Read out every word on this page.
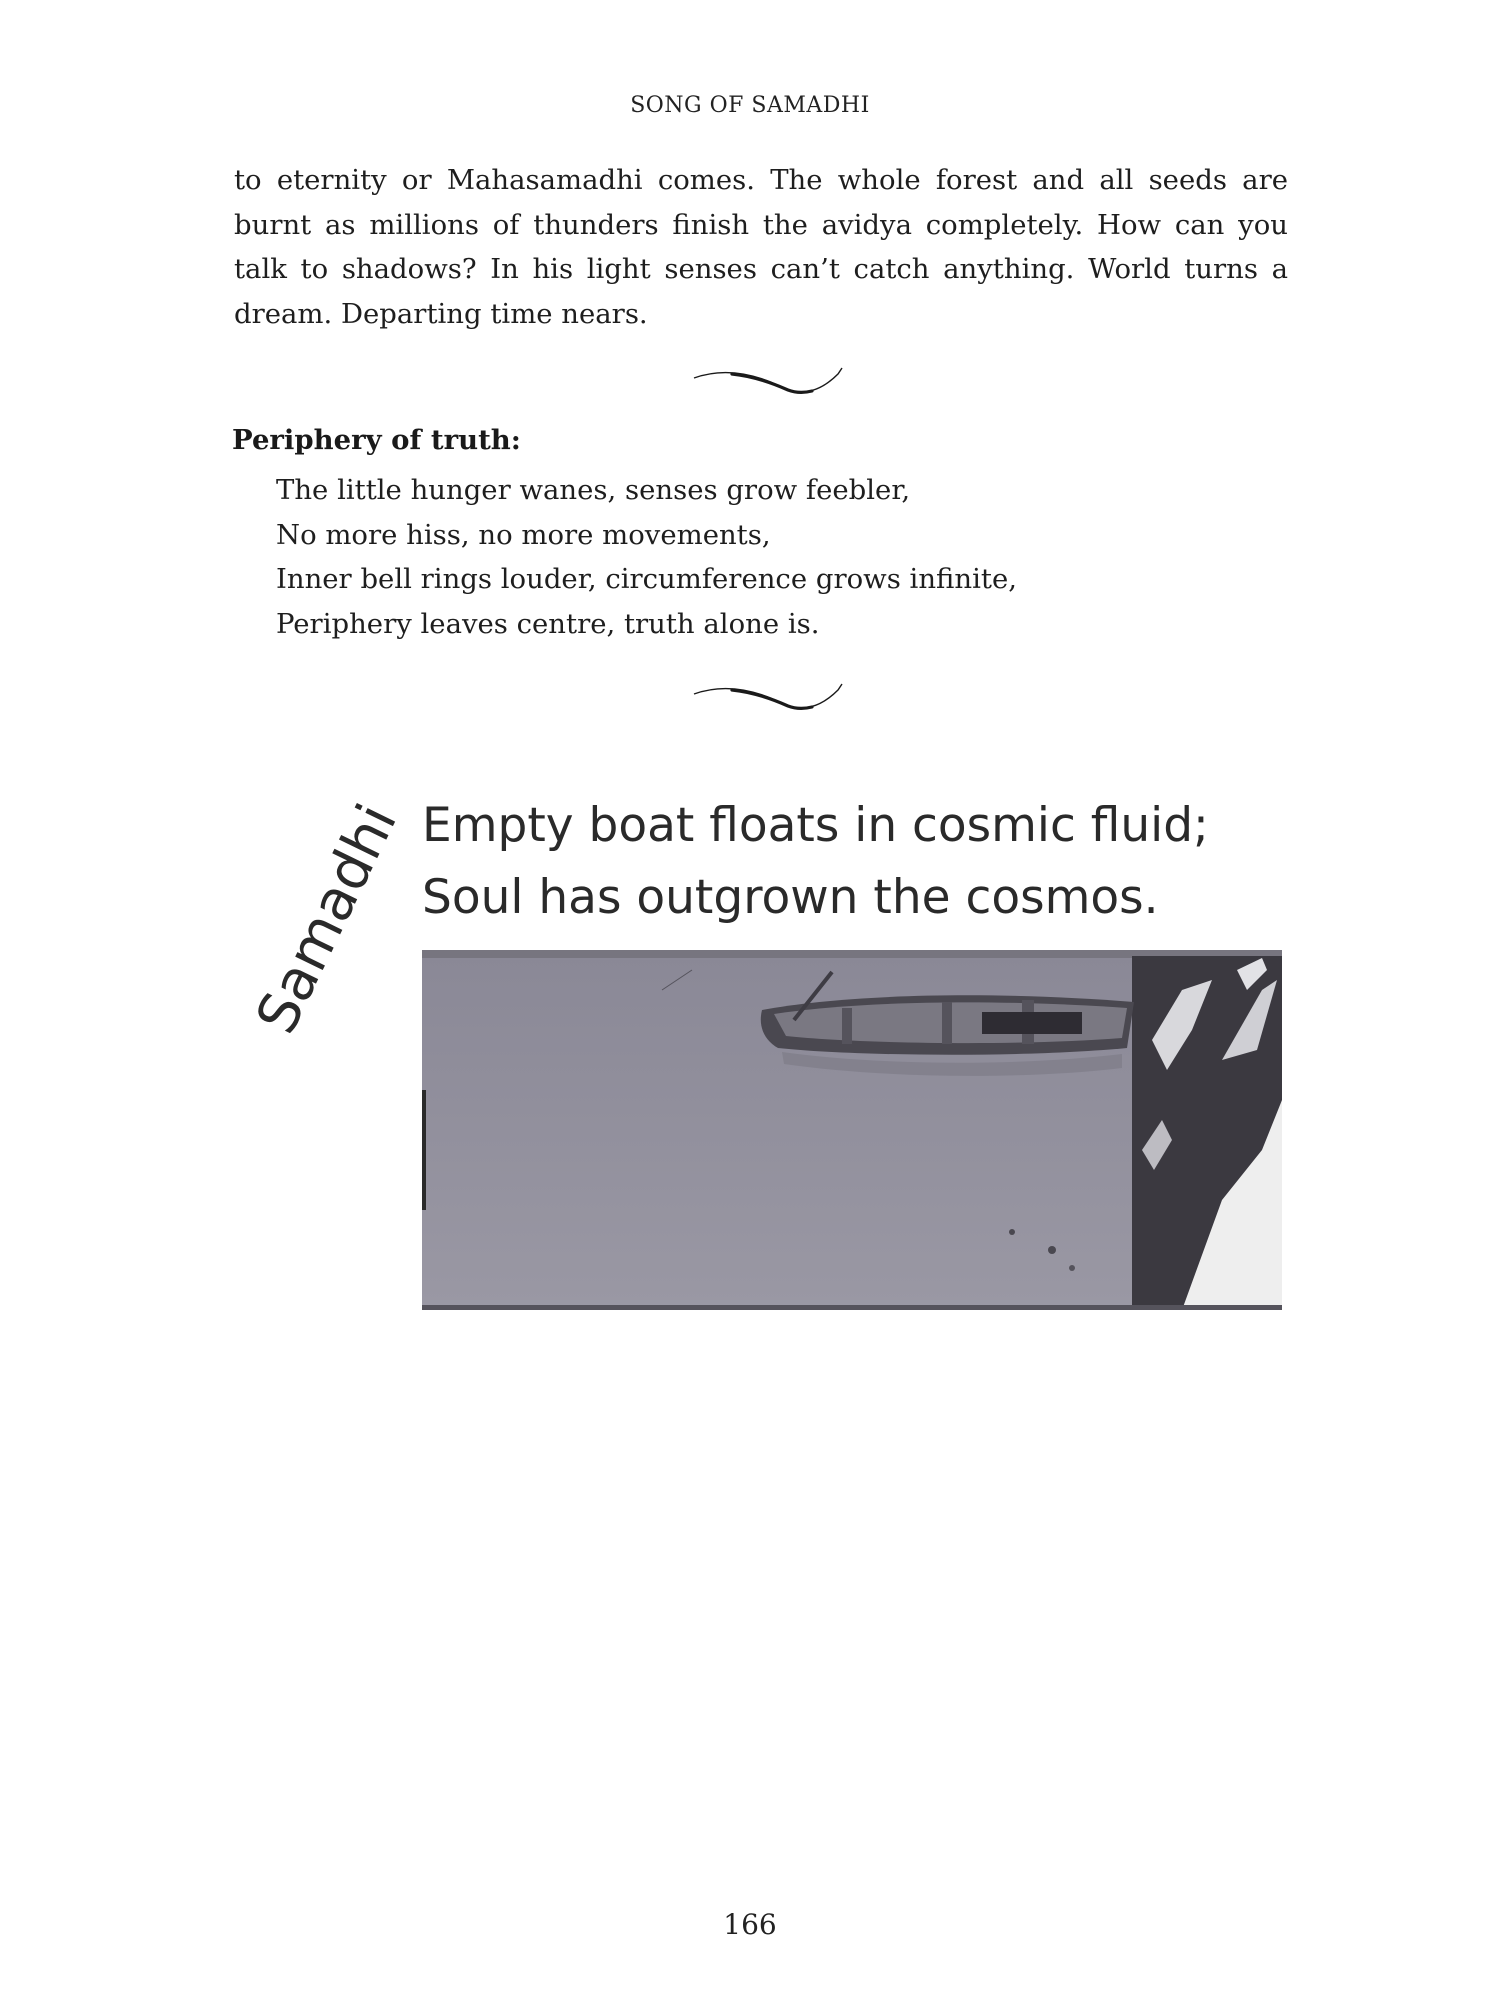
SONG OF SAMADHI

to eternity or Mahasamadhi comes. The whole forest and all seeds are burnt as millions of thunders finish the avidya completely. How can you talk to shadows? In his light senses can’t catch anything. World turns a dream. Departing time nears.

Periphery of truth:
The little hunger wanes, senses grow feebler,
No more hiss, no more movements,
Inner bell rings louder, circumference grows infinite,
Periphery leaves centre, truth alone is.

Empty boat floats in cosmic fluid;

Soul has outgrown the cosmos.

Samadhi
166
